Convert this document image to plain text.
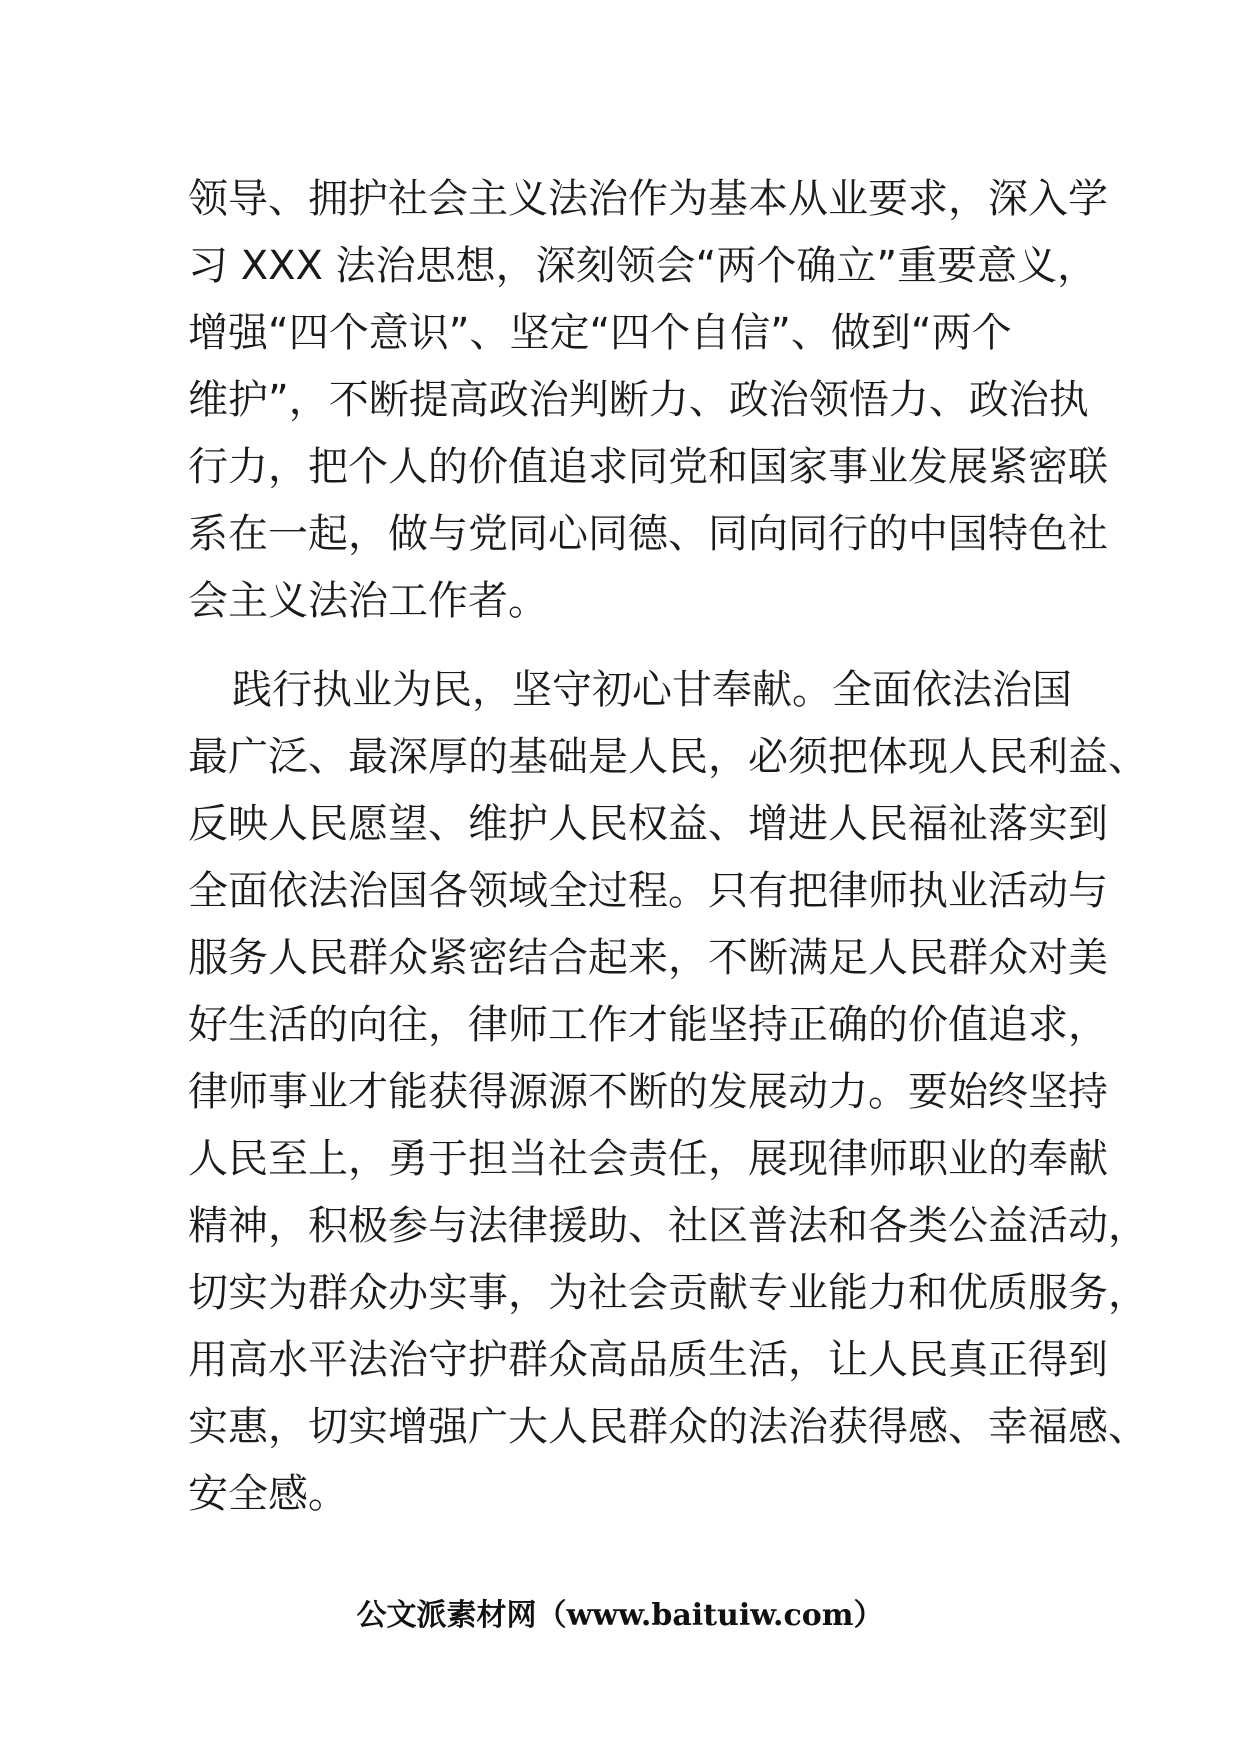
领导、拥护社会主义法治作为基本从业要求，深入学
习 XXX 法治思想，深刻领会“两个确立”重要意义，
增强“四个意识”、坚定“四个自信”、做到“两个
维护”，不断提高政治判断力、政治领悟力、政治执
行力，把个人的价值追求同党和国家事业发展紧密联
系在一起，做与党同心同德、同向同行的中国特色社
会主义法治工作者。
践行执业为民，坚守初心甘奉献。全面依法治国
最广泛、最深厚的基础是人民，必须把体现人民利益、
反映人民愿望、维护人民权益、增进人民福祉落实到
全面依法治国各领域全过程。只有把律师执业活动与
服务人民群众紧密结合起来，不断满足人民群众对美
好生活的向往，律师工作才能坚持正确的价值追求，
律师事业才能获得源源不断的发展动力。要始终坚持
人民至上，勇于担当社会责任，展现律师职业的奉献
精神，积极参与法律援助、社区普法和各类公益活动，
切实为群众办实事，为社会贡献专业能力和优质服务，
用高水平法治守护群众高品质生活，让人民真正得到
实惠，切实增强广大人民群众的法治获得感、幸福感、
安全感。
公文派素材网（www.baituiw.com）
